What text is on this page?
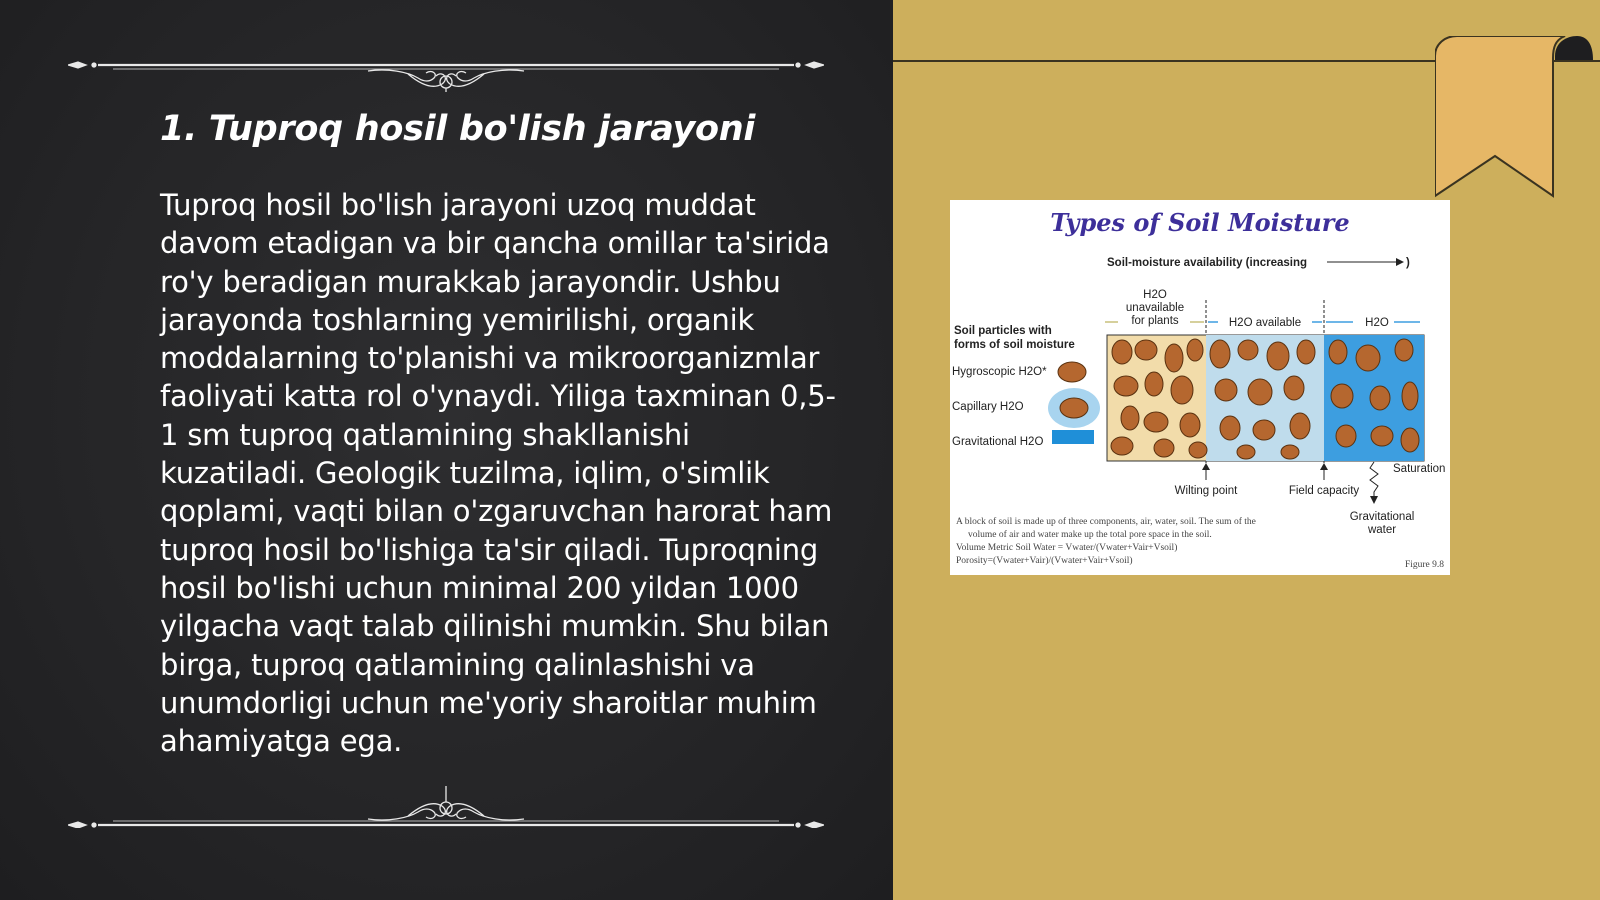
1. Tuproq hosil bo'lish jarayoni

Tuproq hosil bo'lish jarayoni uzoq muddat davom etadigan va bir qancha omillar ta'sirida ro'y beradigan murakkab jarayondir. Ushbu jarayonda toshlarning yemirilishi, organik moddalarning to'planishi va mikroorganizmlar faoliyati katta rol o'ynaydi. Yiliga taxminan 0,5-1 sm tuproq qatlamining shakllanishi kuzatiladi. Geologik tuzilma, iqlim, o'simlik qoplami, vaqti bilan o'zgaruvchan harorat ham tuproq hosil bo'lishiga ta'sir qiladi. Tuproqning hosil bo'lishi uchun minimal 200 yildan 1000 yilgacha vaqt talab qilinishi mumkin. Shu bilan birga, tuproq qatlamining qalinlashishi va unumdorligi uchun me'yoriy sharoitlar muhim ahamiyatga ega.

Types of Soil Moisture
Soil-moisture availability (increasing	)
H2O
unavailable
for plants	H2O available	H2O
Soil particles with
forms of soil moisture
Hygroscopic H2O*
Capillary H2O
Gravitational H2O
Wilting point	Field capacity
Saturation
Gravitational
water
A block of soil is made up of three components, air, water, soil. The sum of the
volume of air and water make up the total pore space in the soil.
Volume Metric Soil Water = Vwater/(Vwater+Vair+Vsoil)
Porosity=(Vwater+Vair)/(Vwater+Vair+Vsoil)	Figure 9.8
